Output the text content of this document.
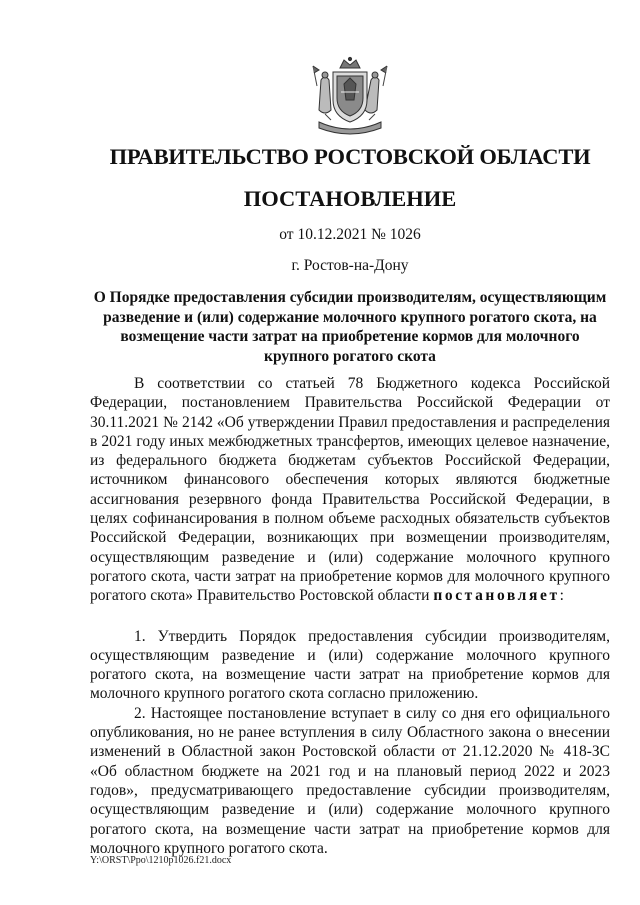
ПРАВИТЕЛЬСТВО РОСТОВСКОЙ ОБЛАСТИ
ПОСТАНОВЛЕНИЕ
от 10.12.2021 № 1026
г. Ростов-на-Дону
О Порядке предоставления субсидии производителям, осуществляющим разведение и (или) содержание молочного крупного рогатого скота, на возмещение части затрат на приобретение кормов для молочного крупного рогатого скота

В соответствии со статьей 78 Бюджетного кодекса Российской Федерации, постановлением Правительства Российской Федерации от 30.11.2021 № 2142 «Об утверждении Правил предоставления и распределения в 2021 году иных межбюджетных трансфертов, имеющих целевое назначение, из федерального бюджета бюджетам субъектов Российской Федерации, источником финансового обеспечения которых являются бюджетные ассигнования резервного фонда Правительства Российской Федерации, в целях софинансирования в полном объеме расходных обязательств субъектов Российской Федерации, возникающих при возмещении производителям, осуществляющим разведение и (или) содержание молочного крупного рогатого скота, части затрат на приобретение кормов для молочного крупного рогатого скота» Правительство Ростовской области постановляет:

1. Утвердить Порядок предоставления субсидии производителям, осуществляющим разведение и (или) содержание молочного крупного рогатого скота, на возмещение части затрат на приобретение кормов для молочного крупного рогатого скота согласно приложению.

2. Настоящее постановление вступает в силу со дня его официального опубликования, но не ранее вступления в силу Областного закона о внесении изменений в Областной закон Ростовской области от 21.12.2020 № 418-ЗС «Об областном бюджете на 2021 год и на плановый период 2022 и 2023 годов», предусматривающего предоставление субсидии производителям, осуществляющим разведение и (или) содержание молочного крупного рогатого скота, на возмещение части затрат на приобретение кормов для молочного крупного рогатого скота.

Y:\ORST\Ppo\1210p1026.f21.docx
